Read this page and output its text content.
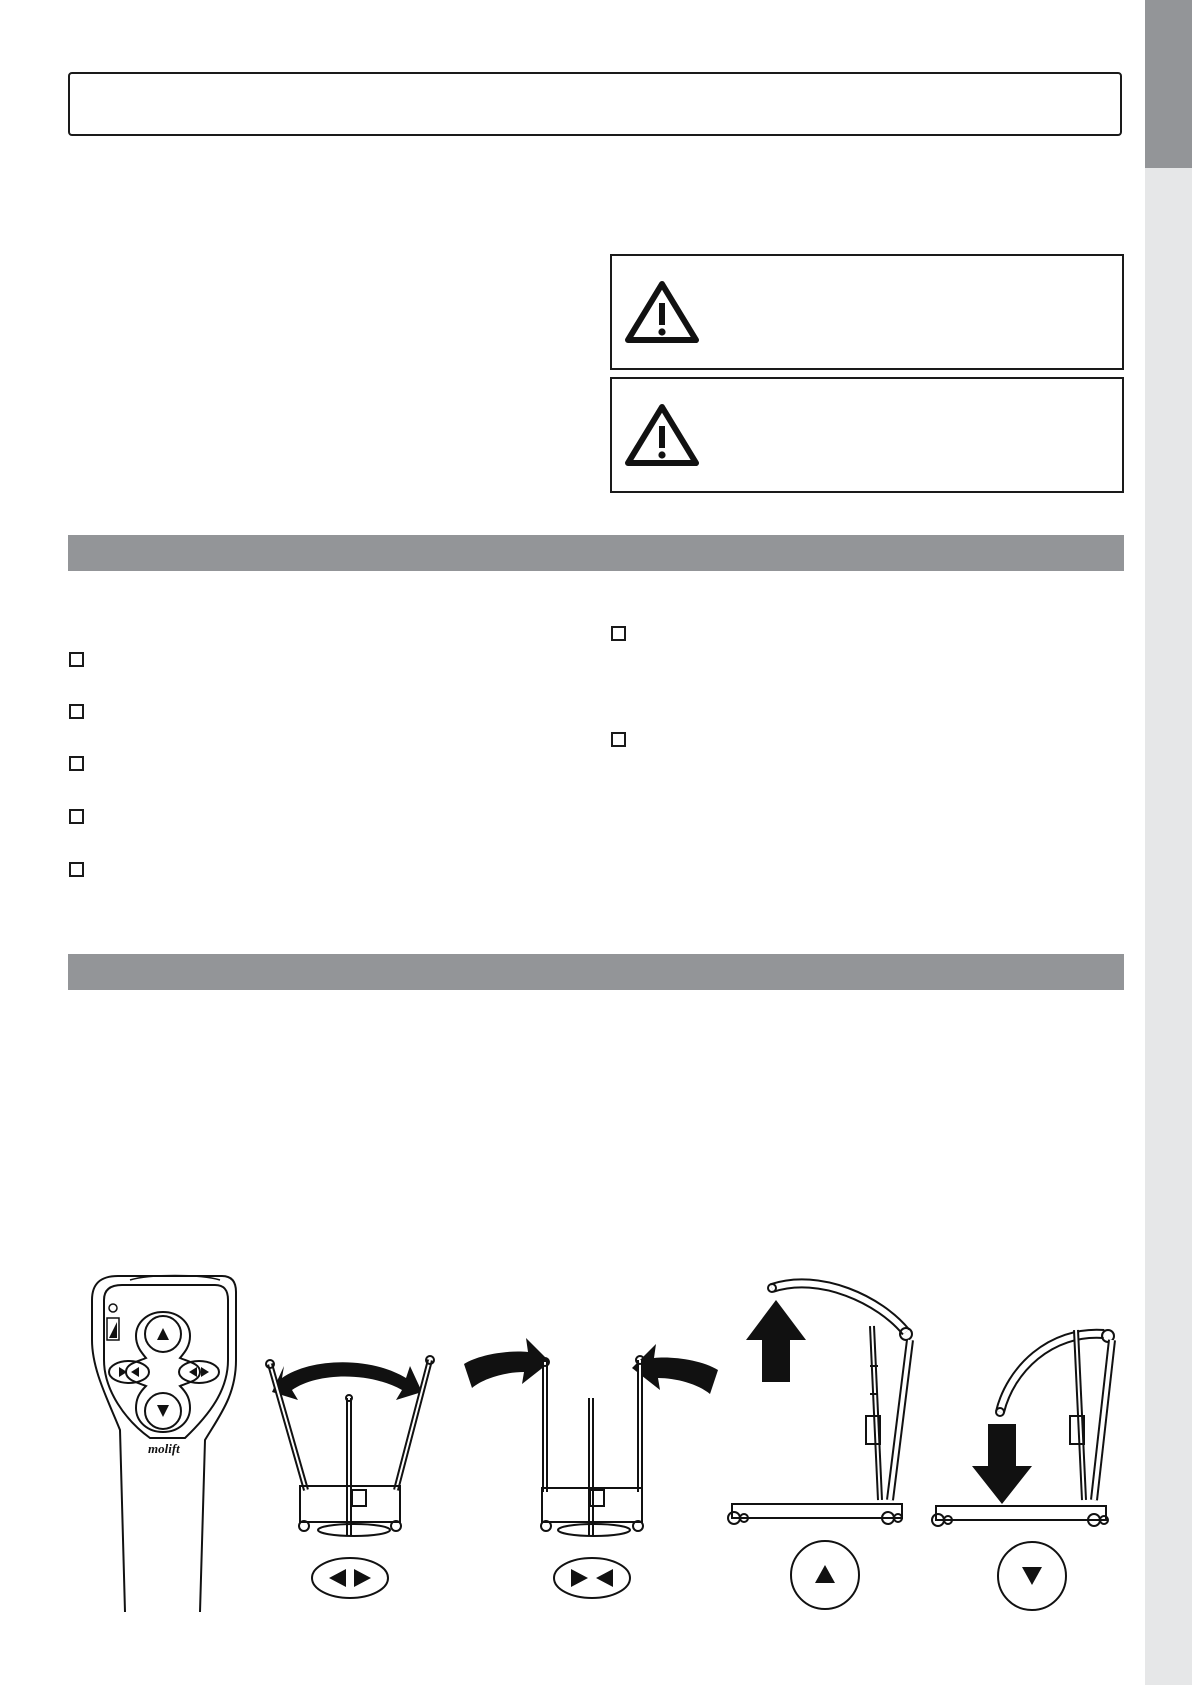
molift
